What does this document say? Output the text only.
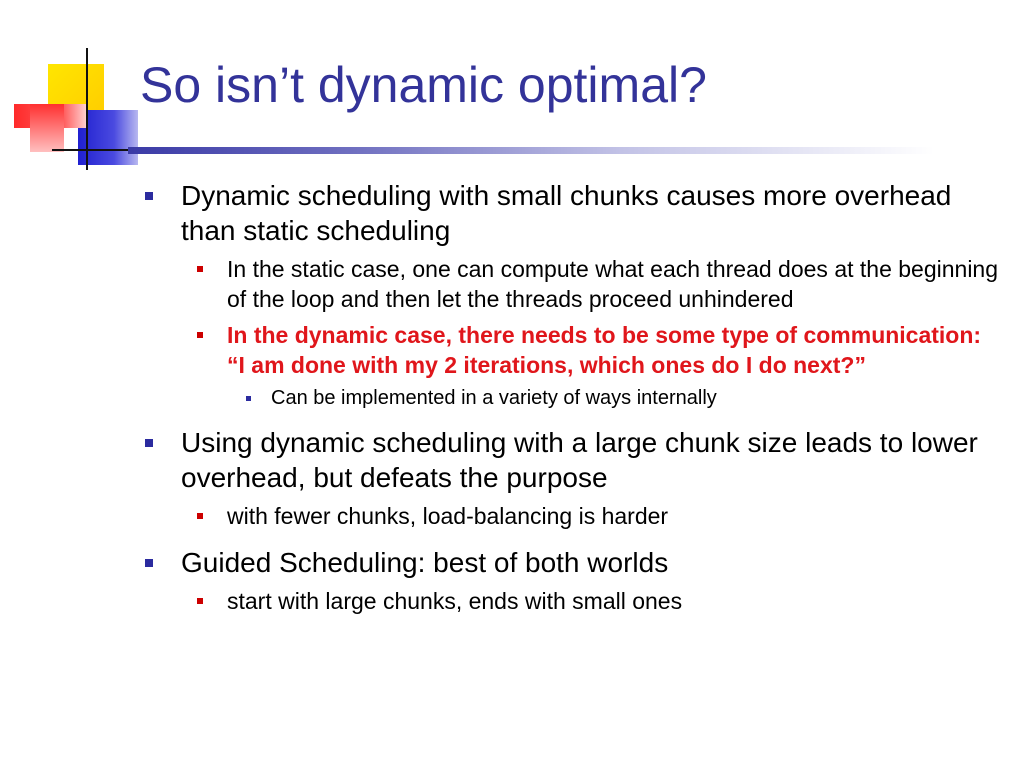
So isn’t dynamic optimal?
Dynamic scheduling with small chunks causes more overhead than static scheduling
In the static case, one can compute what each thread does at the beginning of the loop and then let the threads proceed unhindered
In the dynamic case, there needs to be some type of communication: “I am done with my 2 iterations, which ones do I do next?”
Can be implemented in a variety of ways internally
Using dynamic scheduling with a large chunk size leads to lower overhead, but defeats the purpose
with fewer chunks, load-balancing is harder
Guided Scheduling: best of both worlds
start with large chunks, ends with small ones
